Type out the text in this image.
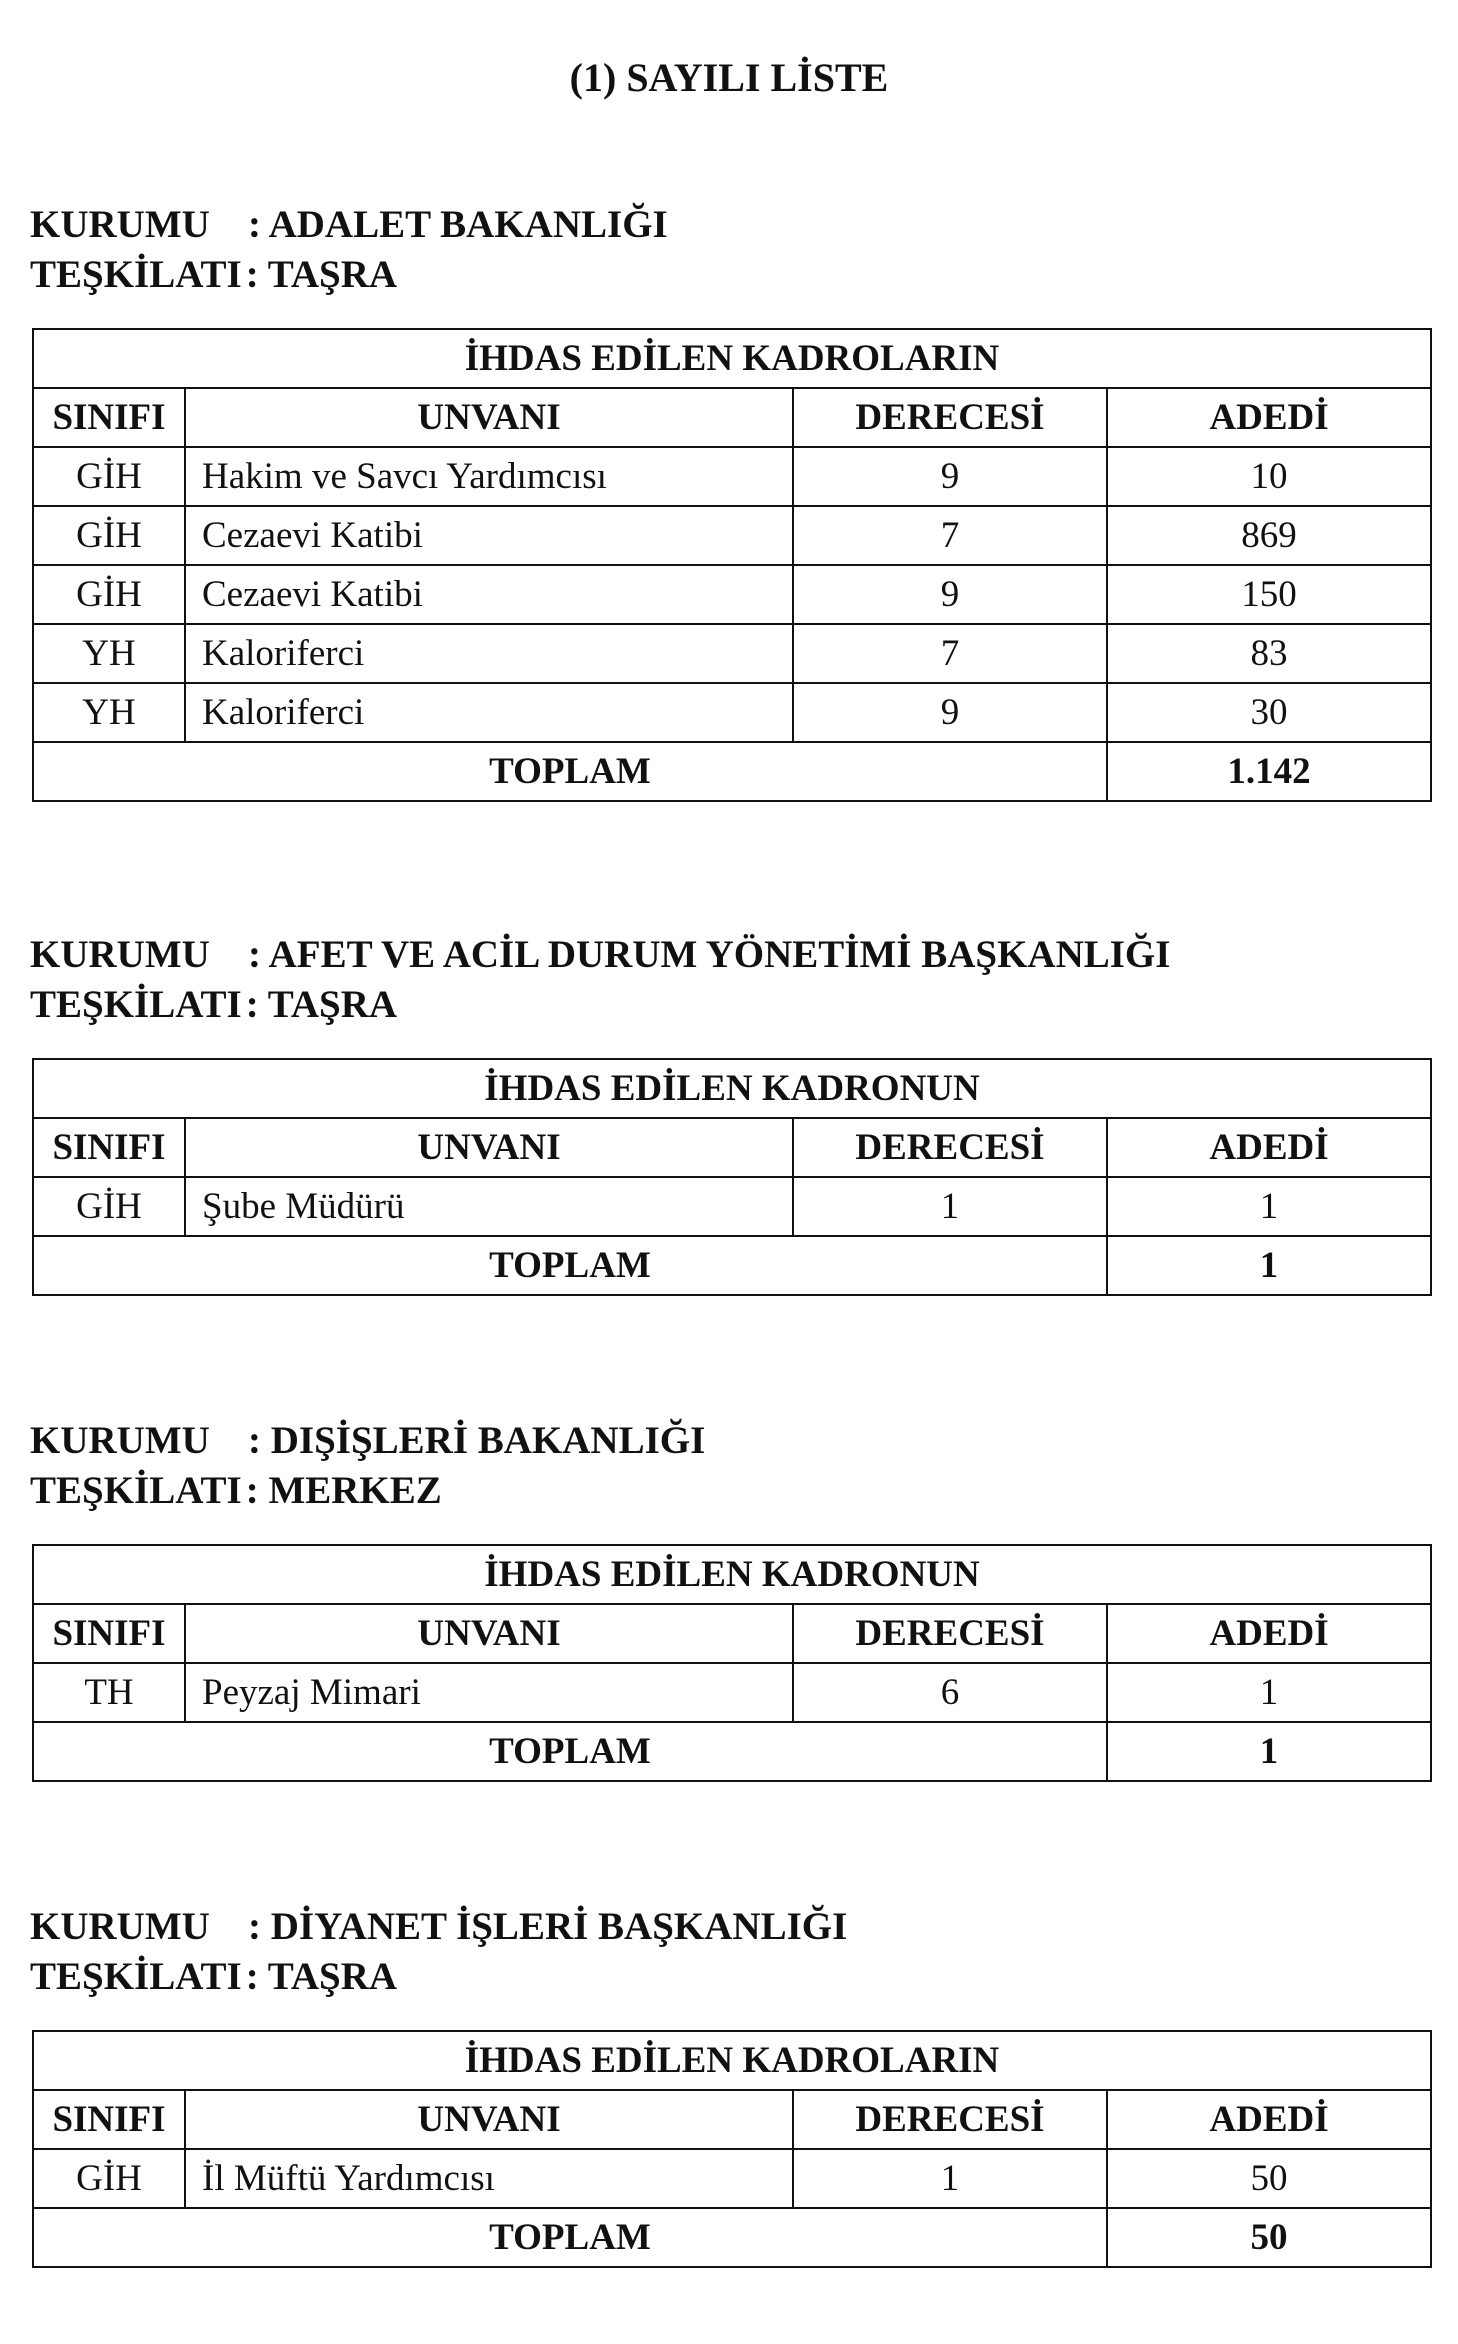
(1) SAYILI LİSTE
KURUMU : ADALET BAKANLIĞI
TEŞKİLATI: TAŞRA
İHDAS EDİLEN KADROLARIN			
SINIFI	UNVANI	DERECESİ	ADEDİ
GİH	Hakim ve Savcı Yardımcısı	9	10
GİH	Cezaevi Katibi	7	869
GİH	Cezaevi Katibi	9	150
YH	Kaloriferci	7	83
YH	Kaloriferci	9	30
TOPLAM			1.142
KURUMU : AFET VE ACİL DURUM YÖNETİMİ BAŞKANLIĞI
TEŞKİLATI: TAŞRA
İHDAS EDİLEN KADRONUN			
SINIFI	UNVANI	DERECESİ	ADEDİ
GİH	Şube Müdürü	1	1
TOPLAM			1
KURUMU : DIŞİŞLERİ BAKANLIĞI
TEŞKİLATI: MERKEZ
İHDAS EDİLEN KADRONUN			
SINIFI	UNVANI	DERECESİ	ADEDİ
TH	Peyzaj Mimari	6	1
TOPLAM			1
KURUMU : DİYANET İŞLERİ BAŞKANLIĞI
TEŞKİLATI: TAŞRA
İHDAS EDİLEN KADROLARIN			
SINIFI	UNVANI	DERECESİ	ADEDİ
GİH	İl Müftü Yardımcısı	1	50
TOPLAM			50
